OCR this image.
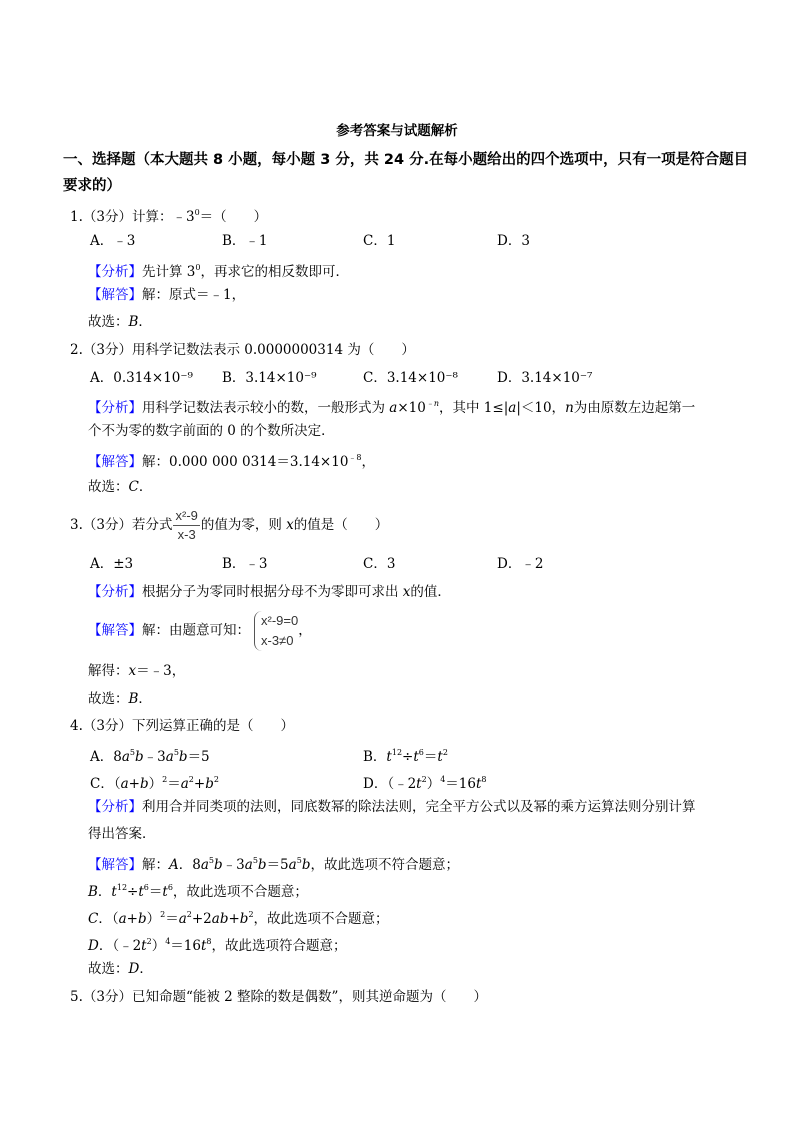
参考答案与试题解析
一、选择题（本大题共 8 小题，每小题 3 分，共 24 分.在每小题给出的四个选项中，只有一项是符合题目
要求的）
1.（3分）计算：$﹣3^0=$（　　）
A．﹣3	B．﹣1	C．1	D．3
【分析】先计算 $3^0$，再求它的相反数即可．
【解答】解：原式＝﹣1，
故选：B．
2.（3分）用科学记数法表示 0.0000000314 为（　　）
A．0.314×10⁻⁹ B．3.14×10⁻⁹	C．3.14×10⁻⁸	D．3.14×10⁻⁷
【分析】用科学记数法表示较小的数，一般形式为 $a\times 10^{﹣n}$，其中 1≤|a|＜10，n为由原数左边起第一
个不为零的数字前面的 0 的个数所决定．
【解答】解：0.000 000 $0314=3.14\times 10^{﹣8}$，
故选：C．
3.（3分）若分式 $\frac{\text{x²-9}}{x-3}$ 的值为零，则 x的值是（　　）
A．±3	B．﹣3	C．3	D．﹣2
【分析】根据分子为零同时根据分母不为零即可求出 x的值．
【解答】解：由题意可知：
x²-9=0
x-3≠0
，
解得：x＝﹣3，
故选：B．
4.（3分）下列运算正确的是（　　）
A．$8a^5b﹣3a^5b=5$	B．$t^{12}\div t^6=t^2$
C．$(a+b)^2=a^2+b^2$	D．$(﹣2t^2)^4=16t^8$
【分析】利用合并同类项的法则，同底数幂的除法法则，完全平方公式以及幂的乘方运算法则分别计算
得出答案．
【解答】解：A．$8a^5b﹣3a^5b=5a^5b$，故此选项不符合题意；
B．$t^{12}\div t^6=t^6$，故此选项不合题意；
C．$(a+b)^2=a^2+2ab+b^2$，故此选项不合题意；
D．$(﹣2t^2)^4=16t^8$，故此选项符合题意；
故选：D．
5.（3分）已知命题“能被 2 整除的数是偶数”，则其逆命题为（　　）
